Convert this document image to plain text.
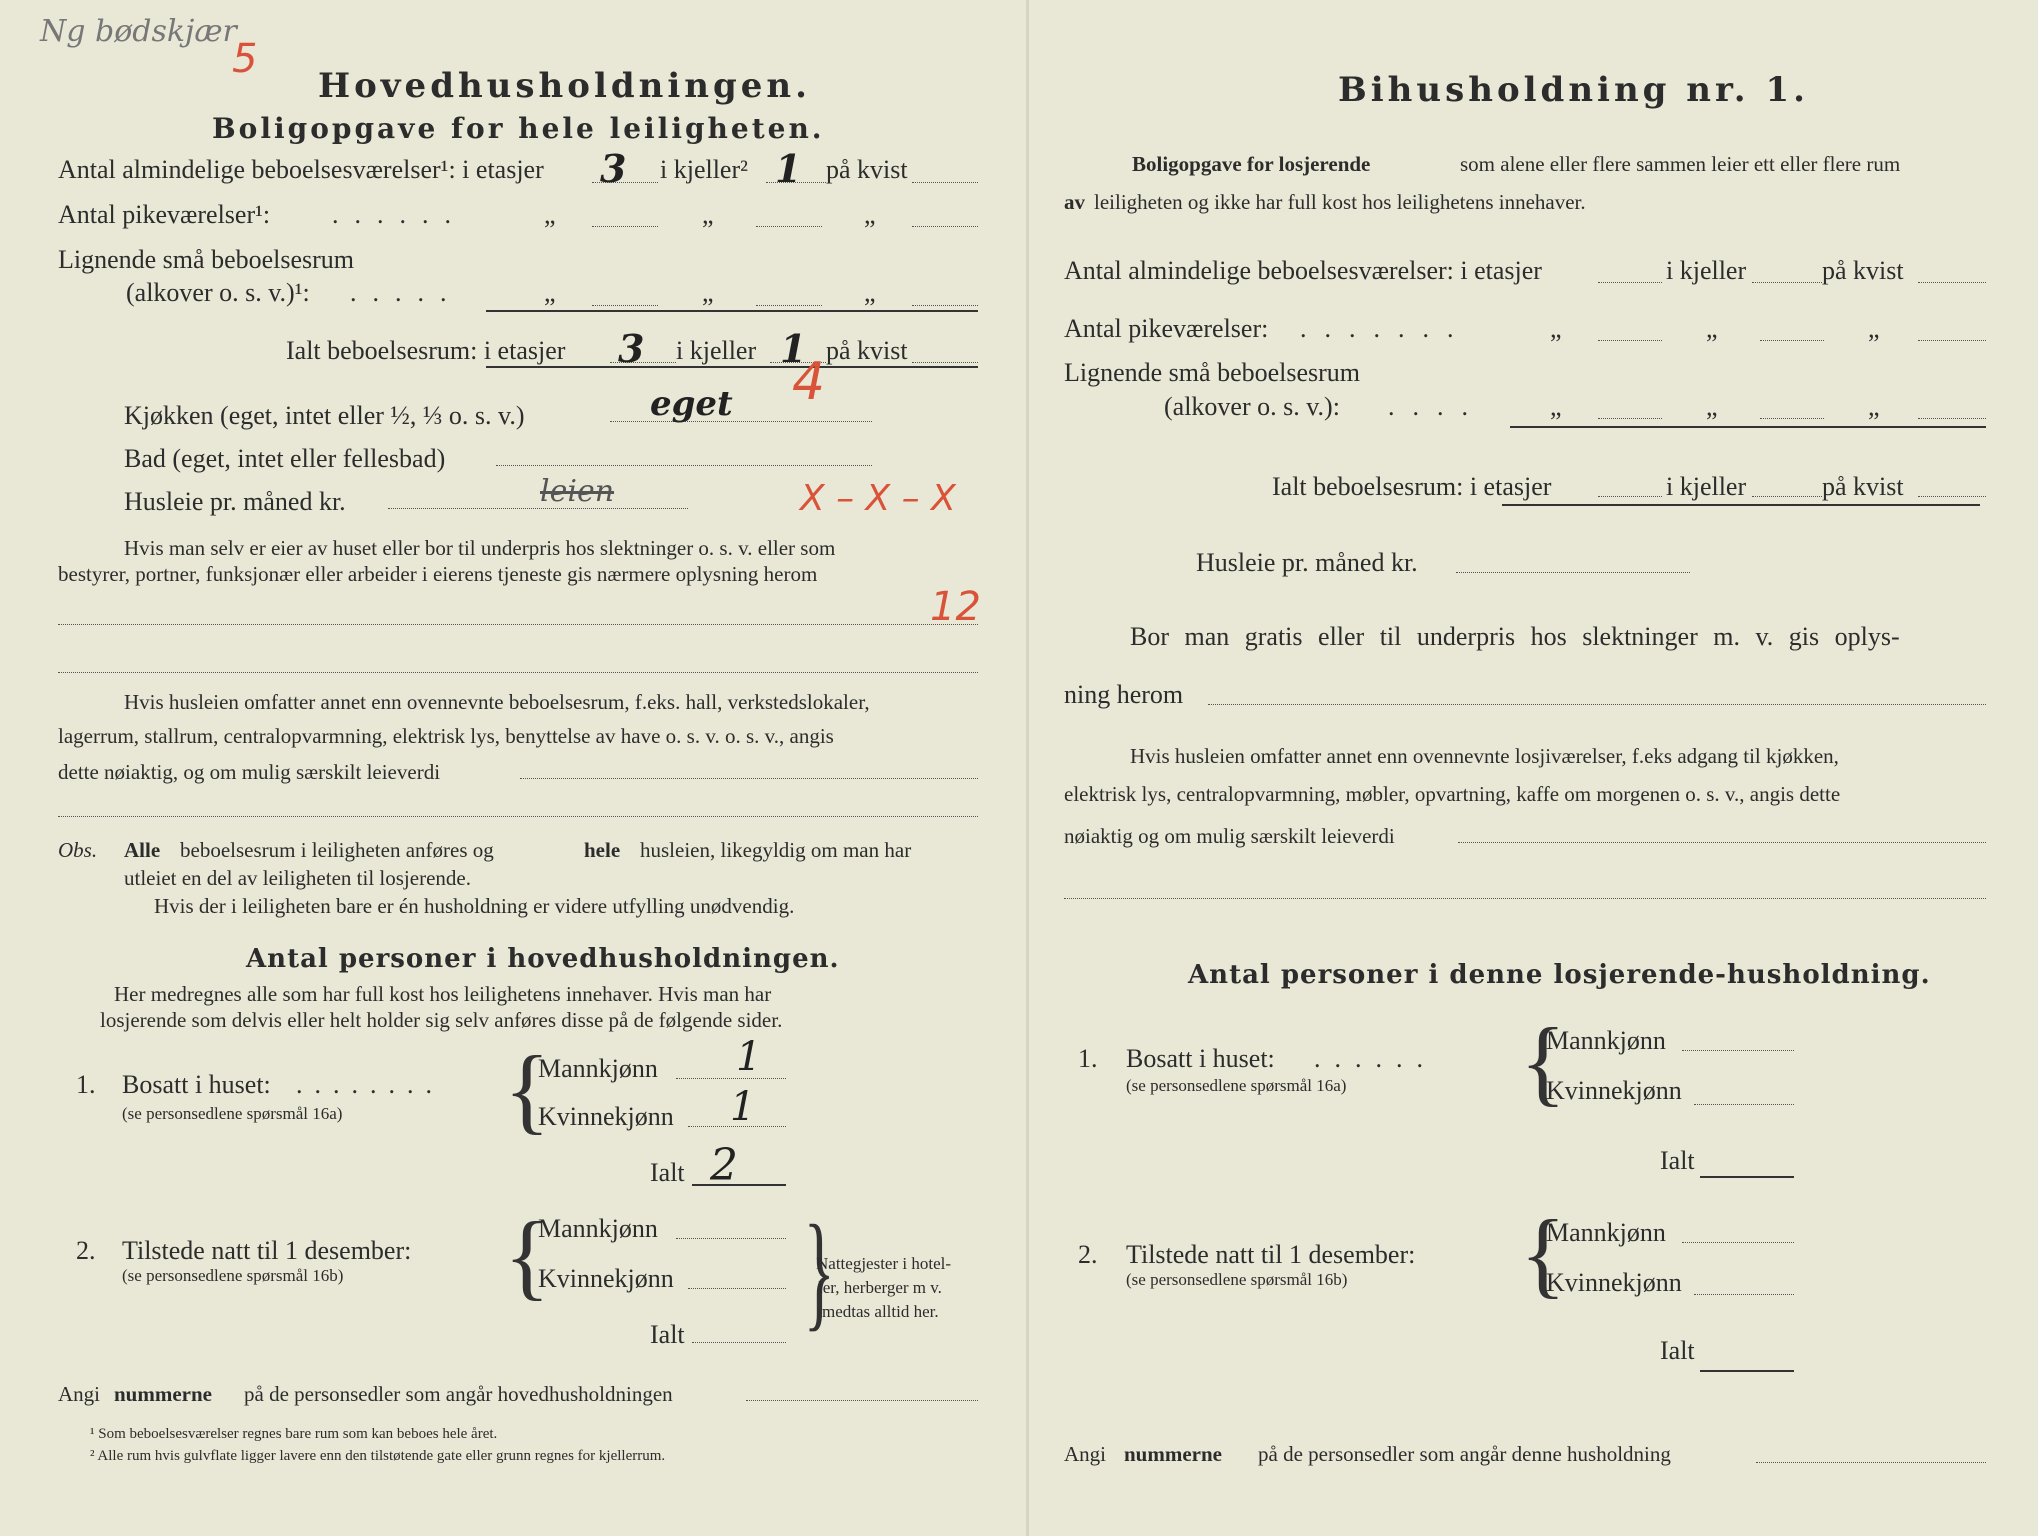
Ng bødskjær
5
Hovedhusholdningen.
Boligopgave for hele leiligheten.
Antal almindelige beboelsesværelser¹: i etasjer 3 i kjeller² 1 på kvist
Antal pikeværelser¹: ......	„	„	„
Lignende små beboelsesrum
(alkover o. s. v.)¹: .....	„	„	„
Ialt beboelsesrum: i etasjer 3 i kjeller 1 på kvist
4
Kjøkken (eget, intet eller ½, ⅓ o. s. v.)	eget
Bad (eget, intet eller fellesbad)
Husleie pr. måned kr.	leien	X – X – X
Hvis man selv er eier av huset eller bor til underpris hos slektninger o. s. v. eller som
bestyrer, portner, funksjonær eller arbeider i eierens tjeneste gis nærmere oplysning herom
12
Hvis husleien omfatter annet enn ovennevnte beboelsesrum, f.eks. hall, verkstedslokaler,
lagerrum, stallrum, centralopvarmning, elektrisk lys, benyttelse av have o. s. v. o. s. v., angis
dette nøiaktig, og om mulig særskilt leieverdi
Obs. Alle beboelsesrum i leiligheten anføres og	hele husleien, likegyldig om man har
utleiet en del av leiligheten til losjerende.
Hvis der i leiligheten bare er én husholdning er videre utfylling unødvendig.
Antal personer i hovedhusholdningen.
Her medregnes alle som har full kost hos leilighetens innehaver. Hvis man har
losjerende som delvis eller helt holder sig selv anføres disse på de følgende sider.
1. Bosatt i huset: ........
(se personsedlene spørsmål 16a) {
Mannkjønn 1
Kvinnekjønn 1
Ialt 2
2. Tilstede natt til 1 desember:
(se personsedlene spørsmål 16b) {
Mannkjønn
Kvinnekjønn
Ialt }
Nattegjester i hotel-
ler, herberger m v.
medtas alltid her.
Angi nummerne på de personsedler som angår hovedhusholdningen
¹ Som beboelsesværelser regnes bare rum som kan beboes hele året.
² Alle rum hvis gulvflate ligger lavere enn den tilstøtende gate eller grunn regnes for kjellerrum.
Bihusholdning nr. 1.
Boligopgave for losjerende	som alene eller flere sammen leier ett eller flere rum
av leiligheten og ikke har full kost hos leilighetens innehaver.
Antal almindelige beboelsesværelser: i etasjer	i kjeller	på kvist
Antal pikeværelser: .......	„	„	„
Lignende små beboelsesrum
(alkover o. s. v.): .... „	„	„
Ialt beboelsesrum: i etasjer	i kjeller	på kvist
Husleie pr. måned kr.
Bor man gratis eller til underpris hos slektninger m. v. gis oplys-
ning herom
Hvis husleien omfatter annet enn ovennevnte losjiværelser, f.eks adgang til kjøkken,
elektrisk lys, centralopvarmning, møbler, opvartning, kaffe om morgenen o. s. v., angis dette
nøiaktig og om mulig særskilt leieverdi
Antal personer i denne losjerende-husholdning.
1. Bosatt i huset: ......
(se personsedlene spørsmål 16a) {
Mannkjønn
Kvinnekjønn
Ialt
2. Tilstede natt til 1 desember:
(se personsedlene spørsmål 16b) {
Mannkjønn
Kvinnekjønn
Ialt
Angi nummerne på de personsedler som angår denne husholdning
